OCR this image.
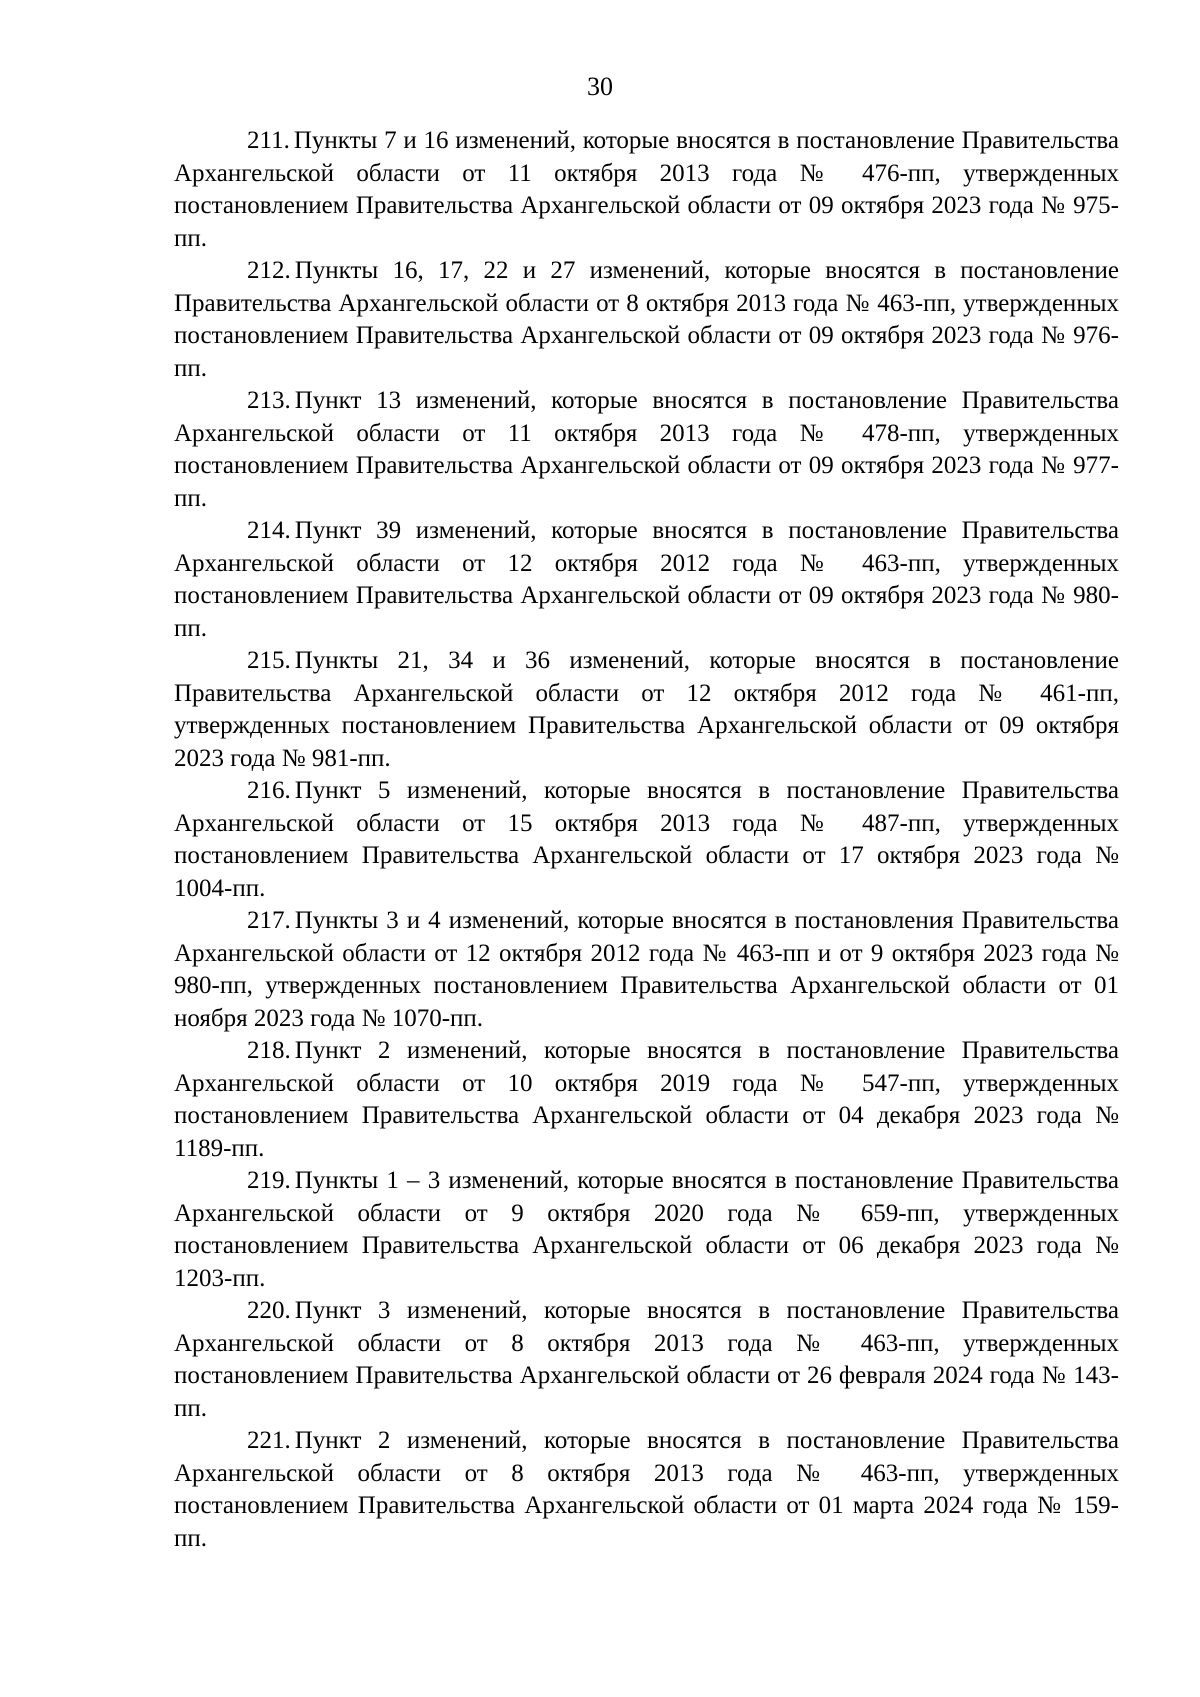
30

211. Пункты 7 и 16 изменений, которые вносятся в постановление Правительства Архангельской области от 11 октября 2013 года № 476-пп, утвержденных постановлением Правительства Архангельской области от 09 октября 2023 года № 975-пп.

212. Пункты 16, 17, 22 и 27 изменений, которые вносятся в постановление Правительства Архангельской области от 8 октября 2013 года № 463-пп, утвержденных постановлением Правительства Архангельской области от 09 октября 2023 года № 976-пп.

213. Пункт 13 изменений, которые вносятся в постановление Правительства Архангельской области от 11 октября 2013 года № 478-пп, утвержденных постановлением Правительства Архангельской области от 09 октября 2023 года № 977-пп.

214. Пункт 39 изменений, которые вносятся в постановление Правительства Архангельской области от 12 октября 2012 года № 463-пп, утвержденных постановлением Правительства Архангельской области от 09 октября 2023 года № 980-пп.

215. Пункты 21, 34 и 36 изменений, которые вносятся в постановление Правительства Архангельской области от 12 октября 2012 года № 461-пп, утвержденных постановлением Правительства Архангельской области от 09 октября 2023 года № 981-пп.

216. Пункт 5 изменений, которые вносятся в постановление Правительства Архангельской области от 15 октября 2013 года № 487-пп, утвержденных постановлением Правительства Архангельской области от 17 октября 2023 года № 1004-пп.

217. Пункты 3 и 4 изменений, которые вносятся в постановления Правительства Архангельской области от 12 октября 2012 года № 463-пп и от 9 октября 2023 года № 980-пп, утвержденных постановлением Правительства Архангельской области от 01 ноября 2023 года № 1070-пп.

218. Пункт 2 изменений, которые вносятся в постановление Правительства Архангельской области от 10 октября 2019 года № 547-пп, утвержденных постановлением Правительства Архангельской области от 04 декабря 2023 года № 1189-пп.

219. Пункты 1 – 3 изменений, которые вносятся в постановление Правительства Архангельской области от 9 октября 2020 года № 659-пп, утвержденных постановлением Правительства Архангельской области от 06 декабря 2023 года № 1203-пп.

220. Пункт 3 изменений, которые вносятся в постановление Правительства Архангельской области от 8 октября 2013 года № 463-пп, утвержденных постановлением Правительства Архангельской области от 26 февраля 2024 года № 143-пп.

221. Пункт 2 изменений, которые вносятся в постановление Правительства Архангельской области от 8 октября 2013 года № 463-пп, утвержденных постановлением Правительства Архангельской области от 01 марта 2024 года № 159-пп.
